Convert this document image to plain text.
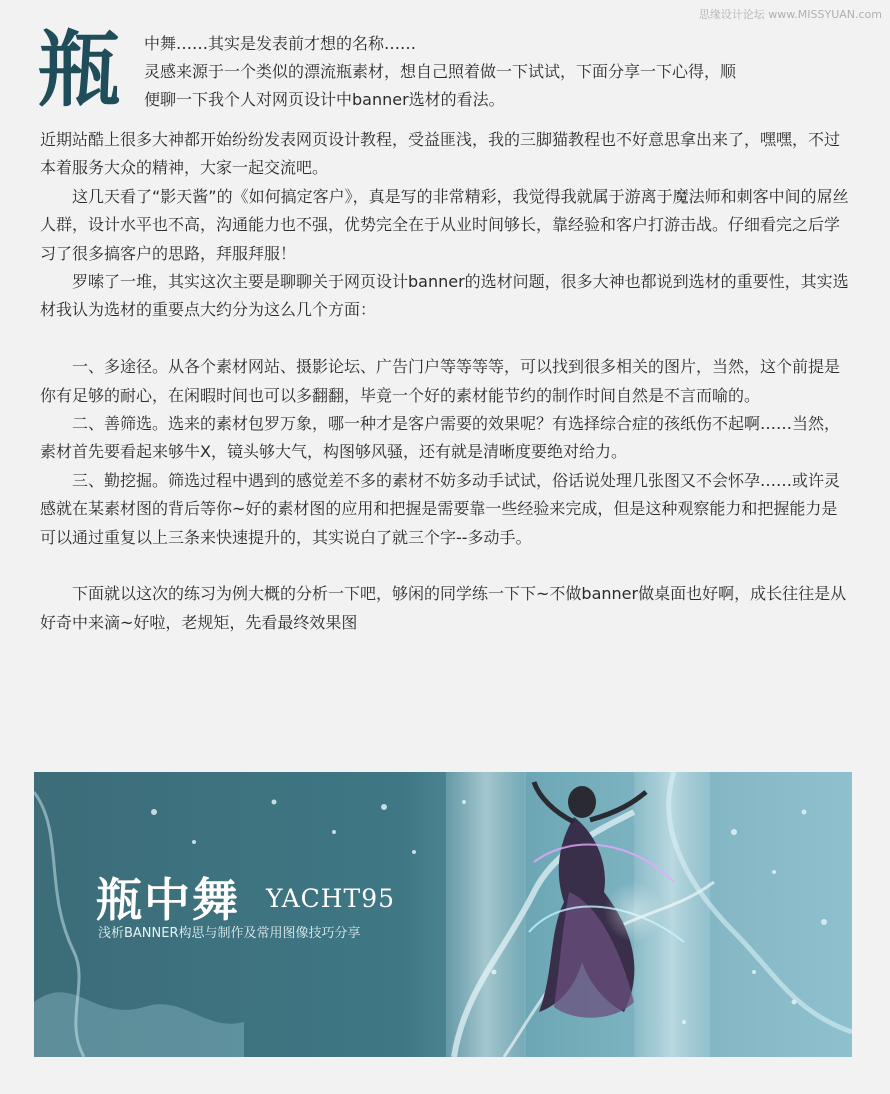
思缘设计论坛 www.MISSYUAN.com
瓶 中舞……其实是发表前才想的名称……
灵感来源于一个类似的漂流瓶素材，想自己照着做一下试试，下面分享一下心得，顺
便聊一下我个人对网页设计中banner选材的看法。

近期站酷上很多大神都开始纷纷发表网页设计教程，受益匪浅，我的三脚猫教程也不好意思拿出来了，嘿嘿，不过本着服务大众的精神，大家一起交流吧。

这几天看了“影天酱”的《如何搞定客户》，真是写的非常精彩，我觉得我就属于游离于魔法师和刺客中间的屌丝人群，设计水平也不高，沟通能力也不强，优势完全在于从业时间够长，靠经验和客户打游击战。仔细看完之后学习了很多搞客户的思路，拜服拜服！

罗嗦了一堆，其实这次主要是聊聊关于网页设计banner的选材问题，很多大神也都说到选材的重要性，其实选材我认为选材的重要点大约分为这么几个方面：

一、多途径。从各个素材网站、摄影论坛、广告门户等等等等，可以找到很多相关的图片，当然，这个前提是你有足够的耐心，在闲暇时间也可以多翻翻，毕竟一个好的素材能节约的制作时间自然是不言而喻的。

二、善筛选。选来的素材包罗万象，哪一种才是客户需要的效果呢？有选择综合症的孩纸伤不起啊……当然，素材首先要看起来够牛X，镜头够大气，构图够风骚，还有就是清晰度要绝对给力。

三、勤挖掘。筛选过程中遇到的感觉差不多的素材不妨多动手试试，俗话说处理几张图又不会怀孕……或许灵感就在某素材图的背后等你~好的素材图的应用和把握是需要靠一些经验来完成，但是这种观察能力和把握能力是可以通过重复以上三条来快速提升的，其实说白了就三个字--多动手。

下面就以这次的练习为例大概的分析一下吧，够闲的同学练一下下~不做banner做桌面也好啊，成长往往是从好奇中来滴~好啦，老规矩，先看最终效果图

瓶中舞 YACHT95
浅析BANNER构思与制作及常用图像技巧分享
